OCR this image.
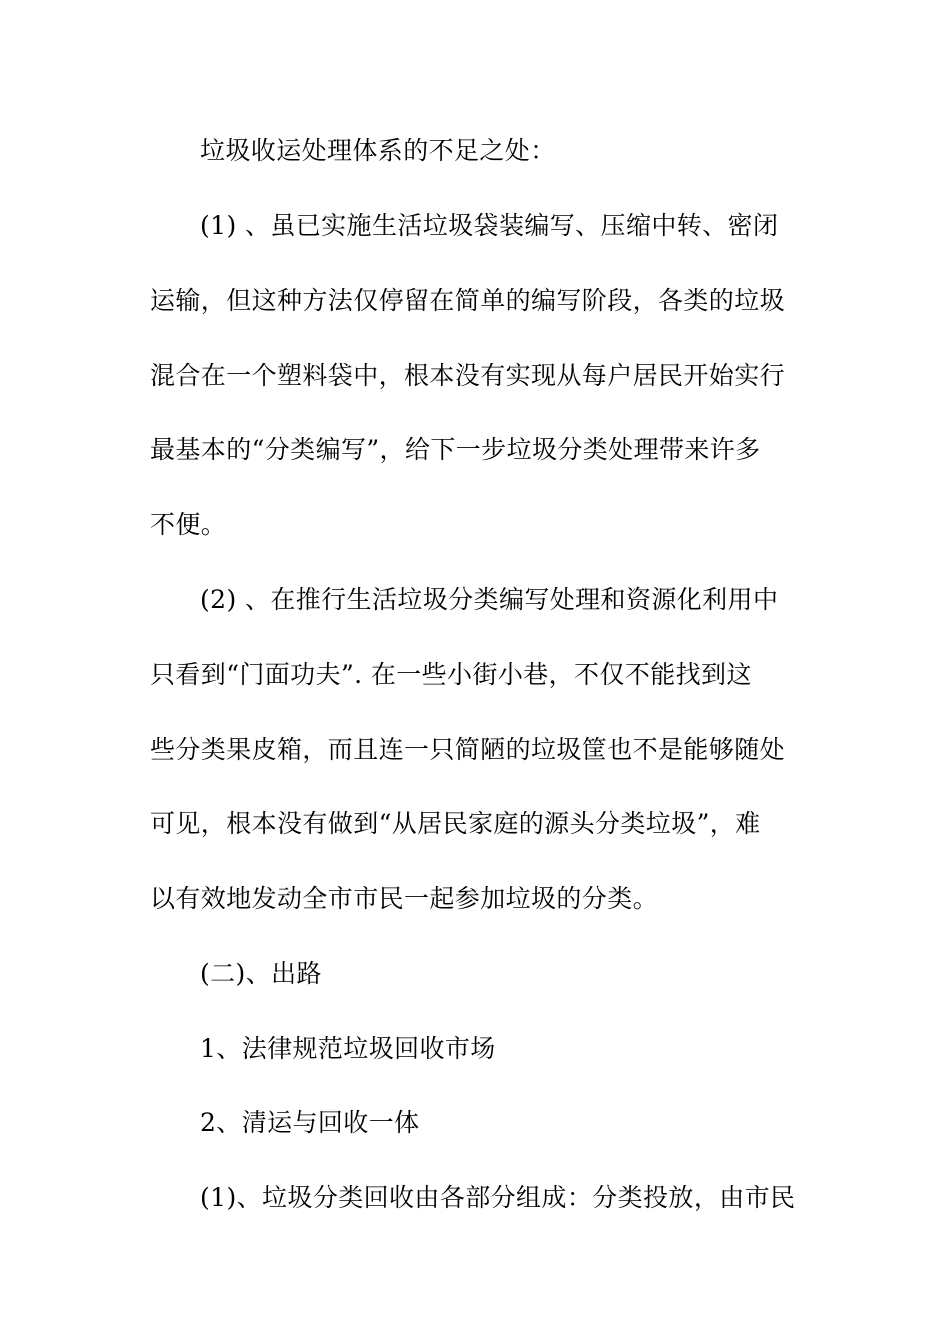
垃圾收运处理体系的不足之处：
(1) 、虽已实施生活垃圾袋装编写、压缩中转、密闭
运输，但这种方法仅停留在简单的编写阶段，各类的垃圾
混合在一个塑料袋中，根本没有实现从每户居民开始实行
最基本的“分类编写”，给下一步垃圾分类处理带来许多
不便。
(2) 、在推行生活垃圾分类编写处理和资源化利用中
只看到“门面功夫”. 在一些小街小巷，不仅不能找到这
些分类果皮箱，而且连一只简陋的垃圾筐也不是能够随处
可见，根本没有做到“从居民家庭的源头分类垃圾”，难
以有效地发动全市市民一起参加垃圾的分类。
(二)、出路
1、法律规范垃圾回收市场
2、清运与回收一体
(1)、垃圾分类回收由各部分组成：分类投放，由市民
